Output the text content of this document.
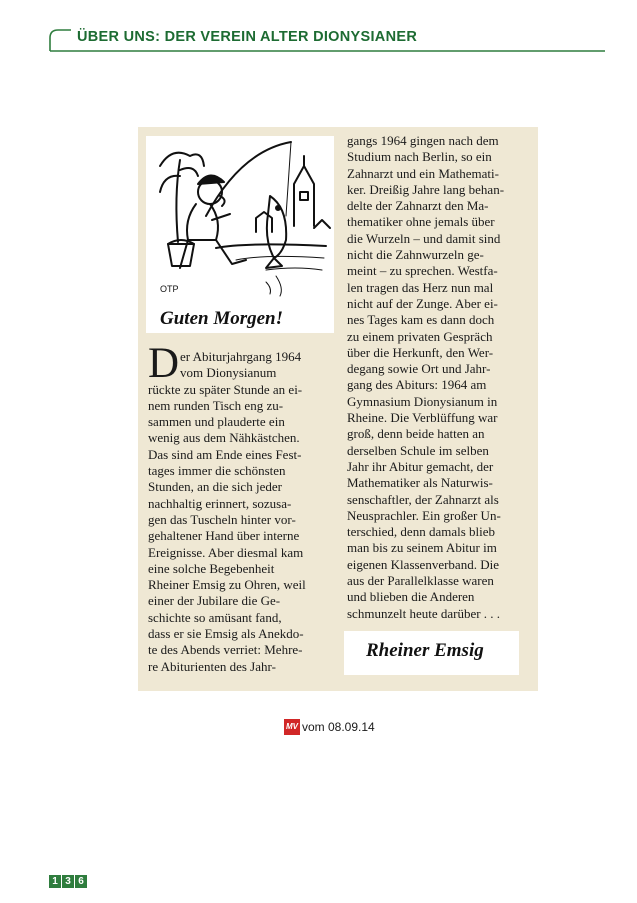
ÜBER UNS: DER VEREIN ALTER DIONYSIANER
OTP
Guten Morgen!
D er Abiturjahrgang 1964
vom Dionysianum
rückte zu später Stunde an ei-
nem runden Tisch eng zu-
sammen und plauderte ein
wenig aus dem Nähkästchen.
Das sind am Ende eines Fest-
tages immer die schönsten
Stunden, an die sich jeder
nachhaltig erinnert, sozusa-
gen das Tuscheln hinter vor-
gehaltener Hand über interne
Ereignisse. Aber diesmal kam
eine solche Begebenheit
Rheiner Emsig zu Ohren, weil
einer der Jubilare die Ge-
schichte so amüsant fand,
dass er sie Emsig als Anekdo-
te des Abends verriet: Mehre-
re Abiturienten des Jahr-
gangs 1964 gingen nach dem
Studium nach Berlin, so ein
Zahnarzt und ein Mathemati-
ker. Dreißig Jahre lang behan-
delte der Zahnarzt den Ma-
thematiker ohne jemals über
die Wurzeln – und damit sind
nicht die Zahnwurzeln ge-
meint – zu sprechen. Westfa-
len tragen das Herz nun mal
nicht auf der Zunge. Aber ei-
nes Tages kam es dann doch
zu einem privaten Gespräch
über die Herkunft, den Wer-
degang sowie Ort und Jahr-
gang des Abiturs: 1964 am
Gymnasium Dionysianum in
Rheine. Die Verblüffung war
groß, denn beide hatten an
derselben Schule im selben
Jahr ihr Abitur gemacht, der
Mathematiker als Naturwis-
senschaftler, der Zahnarzt als
Neusprachler. Ein großer Un-
terschied, denn damals blieb
man bis zu seinem Abitur im
eigenen Klassenverband. Die
aus der Parallelklasse waren
und blieben die Anderen
schmunzelt heute darüber . . .
Rheiner Emsig
MV vom 08.09.14
1 3 6
